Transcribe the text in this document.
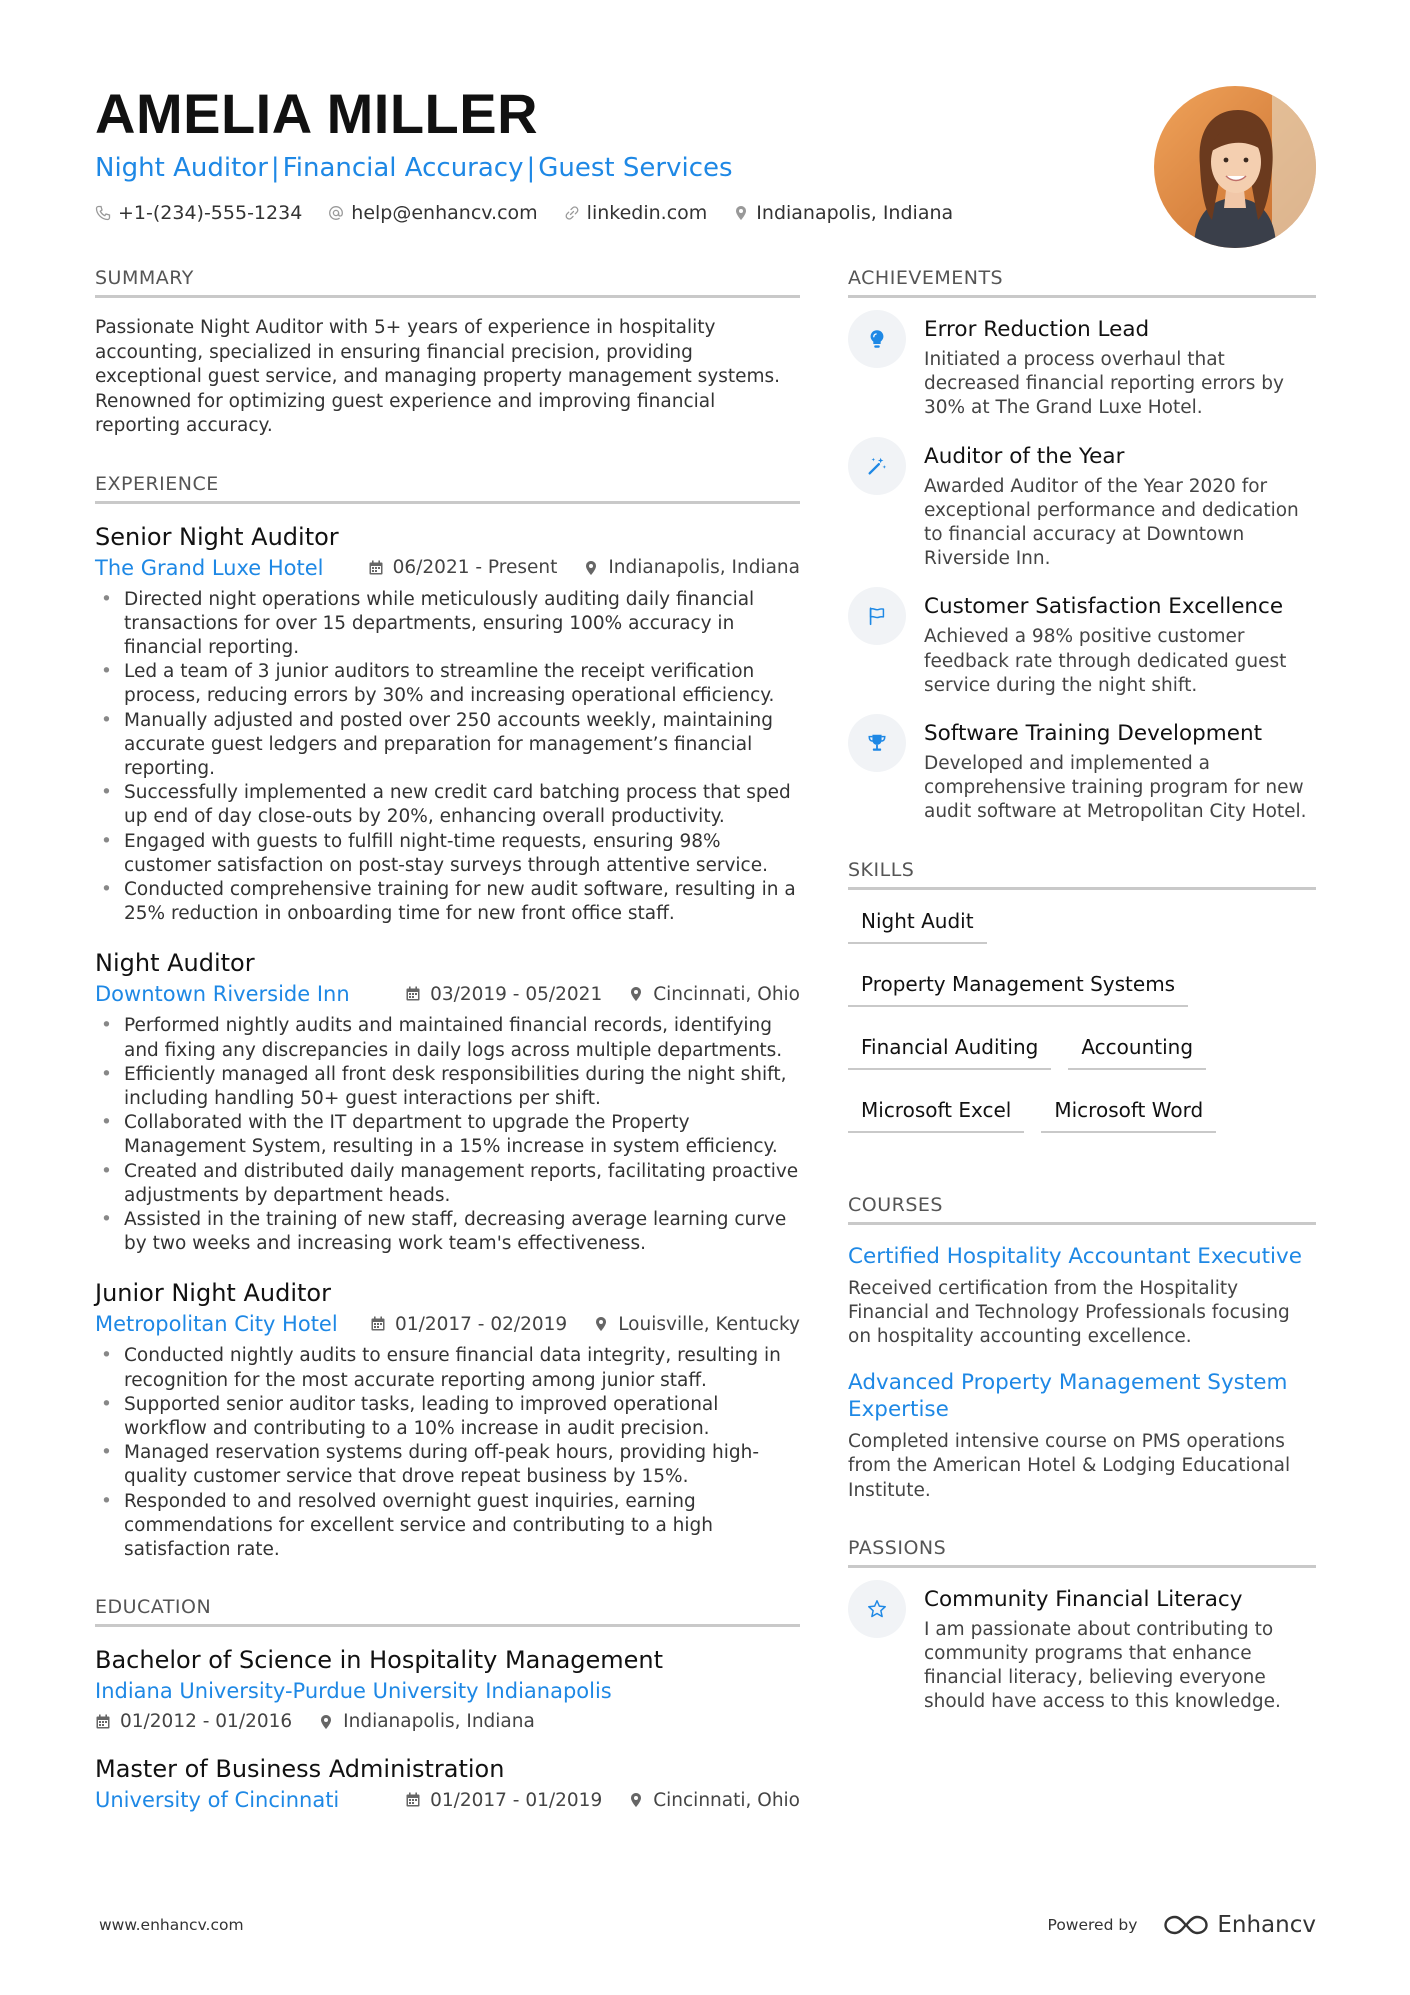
AMELIA MILLER
Night Auditor | Financial Accuracy | Guest Services
+1-(234)-555-1234	help@enhancv.com	linkedin.com	Indianapolis, Indiana
SUMMARY
Passionate Night Auditor with 5+ years of experience in hospitality accounting, specialized in ensuring financial precision, providing exceptional guest service, and managing property management systems. Renowned for optimizing guest experience and improving financial reporting accuracy.
EXPERIENCE
Senior Night Auditor
The Grand Luxe Hotel	06/2021 - Present	Indianapolis, Indiana
• Directed night operations while meticulously auditing daily financial transactions for over 15 departments, ensuring 100% accuracy in financial reporting.
• Led a team of 3 junior auditors to streamline the receipt verification process, reducing errors by 30% and increasing operational efficiency.
• Manually adjusted and posted over 250 accounts weekly, maintaining accurate guest ledgers and preparation for management’s financial reporting.
• Successfully implemented a new credit card batching process that sped up end of day close-outs by 20%, enhancing overall productivity.
• Engaged with guests to fulfill night-time requests, ensuring 98% customer satisfaction on post-stay surveys through attentive service.
• Conducted comprehensive training for new audit software, resulting in a 25% reduction in onboarding time for new front office staff.
Night Auditor
Downtown Riverside Inn	03/2019 - 05/2021	Cincinnati, Ohio
• Performed nightly audits and maintained financial records, identifying and fixing any discrepancies in daily logs across multiple departments.
• Efficiently managed all front desk responsibilities during the night shift, including handling 50+ guest interactions per shift.
• Collaborated with the IT department to upgrade the Property Management System, resulting in a 15% increase in system efficiency.
• Created and distributed daily management reports, facilitating proactive adjustments by department heads.
• Assisted in the training of new staff, decreasing average learning curve by two weeks and increasing work team's effectiveness.
Junior Night Auditor
Metropolitan City Hotel	01/2017 - 02/2019	Louisville, Kentucky
• Conducted nightly audits to ensure financial data integrity, resulting in recognition for the most accurate reporting among junior staff.
• Supported senior auditor tasks, leading to improved operational workflow and contributing to a 10% increase in audit precision.
• Managed reservation systems during off-peak hours, providing high-quality customer service that drove repeat business by 15%.
• Responded to and resolved overnight guest inquiries, earning commendations for excellent service and contributing to a high satisfaction rate.
EDUCATION
Bachelor of Science in Hospitality Management
Indiana University-Purdue University Indianapolis
01/2012 - 01/2016	Indianapolis, Indiana
Master of Business Administration
University of Cincinnati	01/2017 - 01/2019	Cincinnati, Ohio
ACHIEVEMENTS
Error Reduction Lead
Initiated a process overhaul that decreased financial reporting errors by 30% at The Grand Luxe Hotel.
Auditor of the Year
Awarded Auditor of the Year 2020 for exceptional performance and dedication to financial accuracy at Downtown Riverside Inn.
Customer Satisfaction Excellence
Achieved a 98% positive customer feedback rate through dedicated guest service during the night shift.
Software Training Development
Developed and implemented a comprehensive training program for new audit software at Metropolitan City Hotel.
SKILLS
Night Audit
Property Management Systems
Financial Auditing	Accounting
Microsoft Excel	Microsoft Word
COURSES
Certified Hospitality Accountant Executive
Received certification from the Hospitality Financial and Technology Professionals focusing on hospitality accounting excellence.
Advanced Property Management System Expertise
Completed intensive course on PMS operations from the American Hotel & Lodging Educational Institute.
PASSIONS
Community Financial Literacy
I am passionate about contributing to community programs that enhance financial literacy, believing everyone should have access to this knowledge.
www.enhancv.com	Powered by	Enhancv
